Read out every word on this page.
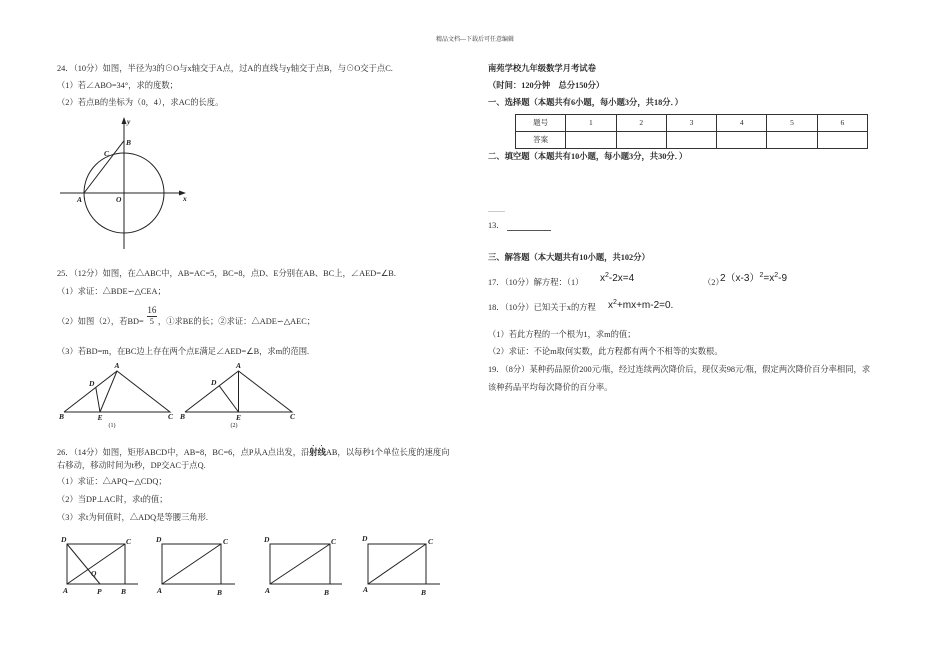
精品文档---下载后可任意编辑
24．（10分）如图，半径为3的⊙O与x轴交于A点，过A的直线与y轴交于点B，与⊙O交于点C.
（1）若∠ABO=34°，求的度数；
（2）若点B的坐标为（0，4），求AC的长度。
y
B
C
A	O	x
25．（12分）如图，在△ABC中，AB=AC=5，BC=8，点D、E分别在AB、BC上，∠AED=∠B.
（1）求证：△BDE∽△CEA；
（2）如图（2），若$BD= \frac{16}{5}$，①求BE的长；②求证：△ADE∽△AEC；
（3）若BD=m，在BC边上存在两个点E满足∠AED=∠B，求m的范围.
A
D
B	E	C
(1)
A
D
B	E	C
(2)
26．（14分）如图，矩形ABCD中，AB=8，BC=6，点P从A点出发，沿射线AB，以每秒1个单位长度的速度向
右移动，移动时间为t秒，DP交AC于点Q.
（1）求证：△APQ∽△CDQ；
（2）当DP⊥AC时，求t的值；
（3）求t为何值时，△ADQ是等腰三角形.
D	C
Q
A	P	B
D	C
A	B
D	C
A	B
D	C
A	B
南苑学校九年级数学月考试卷
（时间：120分钟　总分150分）
一、选择题（本题共有6小题，每小题3分，共18分．）
题号	1	2	3	4	5	6
答案						
二、填空题（本题共有10小题，每小题3分，共30分．）
13．
三、解答题（本大题共有10小题，共102分）
17．（10分）解方程：（1） $x^2-2x=4$	（2）
$2(x-3)^2=x^2-9$
18．（10分）已知关于x的方程 $x^2+mx+m-2=0$.
（1）若此方程的一个根为1，求m的值；
（2）求证：不论m取何实数，此方程都有两个不相等的实数根。
19．（8分）某种药品原价200元/瓶，经过连续两次降价后，现仅卖98元/瓶，假定两次降价百分率相同，求
该种药品平均每次降价的百分率。
